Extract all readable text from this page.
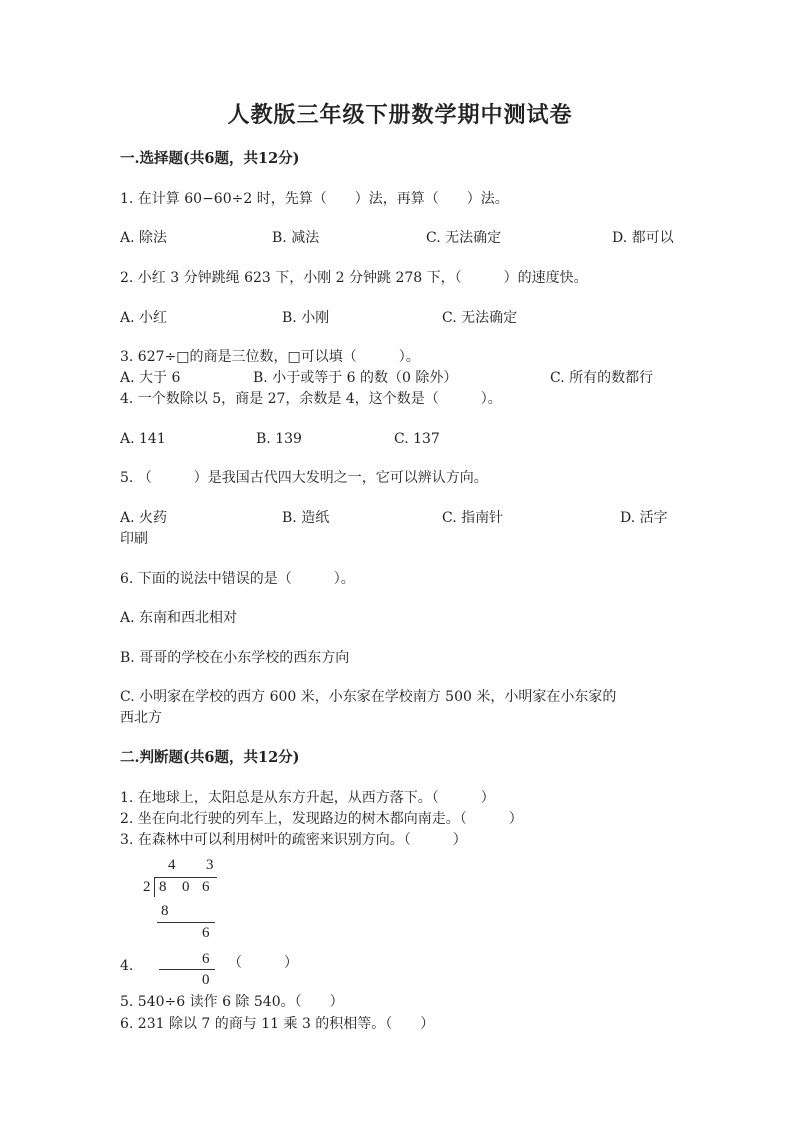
人教版三年级下册数学期中测试卷
一.选择题(共6题，共12分)
1. 在计算 60−60÷2 时，先算（　　）法，再算（　　）法。
A. 除法	B. 减法	C. 无法确定	D. 都可以
2. 小红 3 分钟跳绳 623 下，小刚 2 分钟跳 278 下，（　　　）的速度快。
A. 小红	B. 小刚	C. 无法确定
3. 627÷□的商是三位数，□可以填（　　　）。
A. 大于 6	B. 小于或等于 6 的数（0 除外）	C. 所有的数都行
4. 一个数除以 5，商是 27，余数是 4，这个数是（　　　）。
A. 141	B. 139	C. 137
5. （　　　）是我国古代四大发明之一，它可以辨认方向。
A. 火药	B. 造纸	C. 指南针	D. 活字
印刷
6. 下面的说法中错误的是（　　　）。
A. 东南和西北相对
B. 哥哥的学校在小东学校的西东方向
C. 小明家在学校的西方 600 米，小东家在学校南方 500 米，小明家在小东家的
西北方
二.判断题(共6题，共12分)
1. 在地球上，太阳总是从东方升起，从西方落下。（　　　）
2. 坐在向北行驶的列车上，发现路边的树木都向南走。（　　　）
3. 在森林中可以利用树叶的疏密来识别方向。（　　　）
4 3
2 8 0 6
8
6
6
0
4.	（　　　）
5. 540÷6 读作 6 除 540。（　　）
6. 231 除以 7 的商与 11 乘 3 的积相等。（　　）
